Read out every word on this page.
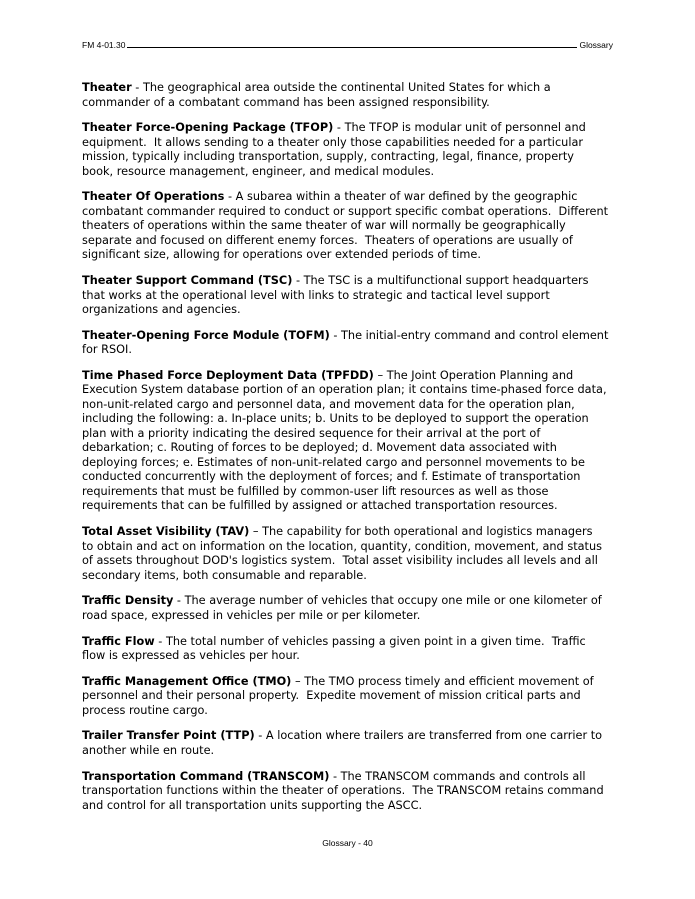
FM 4-01.30	Glossary
Theater - The geographical area outside the continental United States for which a
commander of a combatant command has been assigned responsibility.
Theater Force-Opening Package (TFOP) - The TFOP is modular unit of personnel and
equipment.  It allows sending to a theater only those capabilities needed for a particular
mission, typically including transportation, supply, contracting, legal, finance, property
book, resource management, engineer, and medical modules.
Theater Of Operations - A subarea within a theater of war defined by the geographic
combatant commander required to conduct or support specific combat operations.  Different
theaters of operations within the same theater of war will normally be geographically
separate and focused on different enemy forces.  Theaters of operations are usually of
significant size, allowing for operations over extended periods of time.
Theater Support Command (TSC) - The TSC is a multifunctional support headquarters
that works at the operational level with links to strategic and tactical level support
organizations and agencies.
Theater-Opening Force Module (TOFM) - The initial-entry command and control element
for RSOI.
Time Phased Force Deployment Data (TPFDD) – The Joint Operation Planning and
Execution System database portion of an operation plan; it contains time-phased force data,
non-unit-related cargo and personnel data, and movement data for the operation plan,
including the following: a. In-place units; b. Units to be deployed to support the operation
plan with a priority indicating the desired sequence for their arrival at the port of
debarkation; c. Routing of forces to be deployed; d. Movement data associated with
deploying forces; e. Estimates of non-unit-related cargo and personnel movements to be
conducted concurrently with the deployment of forces; and f. Estimate of transportation
requirements that must be fulfilled by common-user lift resources as well as those
requirements that can be fulfilled by assigned or attached transportation resources.
Total Asset Visibility (TAV) – The capability for both operational and logistics managers
to obtain and act on information on the location, quantity, condition, movement, and status
of assets throughout DOD's logistics system.  Total asset visibility includes all levels and all
secondary items, both consumable and reparable.
Traffic Density - The average number of vehicles that occupy one mile or one kilometer of
road space, expressed in vehicles per mile or per kilometer.
Traffic Flow - The total number of vehicles passing a given point in a given time.  Traffic
flow is expressed as vehicles per hour.
Traffic Management Office (TMO) – The TMO process timely and efficient movement of
personnel and their personal property.  Expedite movement of mission critical parts and
process routine cargo.
Trailer Transfer Point (TTP) - A location where trailers are transferred from one carrier to
another while en route.
Transportation Command (TRANSCOM) - The TRANSCOM commands and controls all
transportation functions within the theater of operations.  The TRANSCOM retains command
and control for all transportation units supporting the ASCC.
Glossary - 40
